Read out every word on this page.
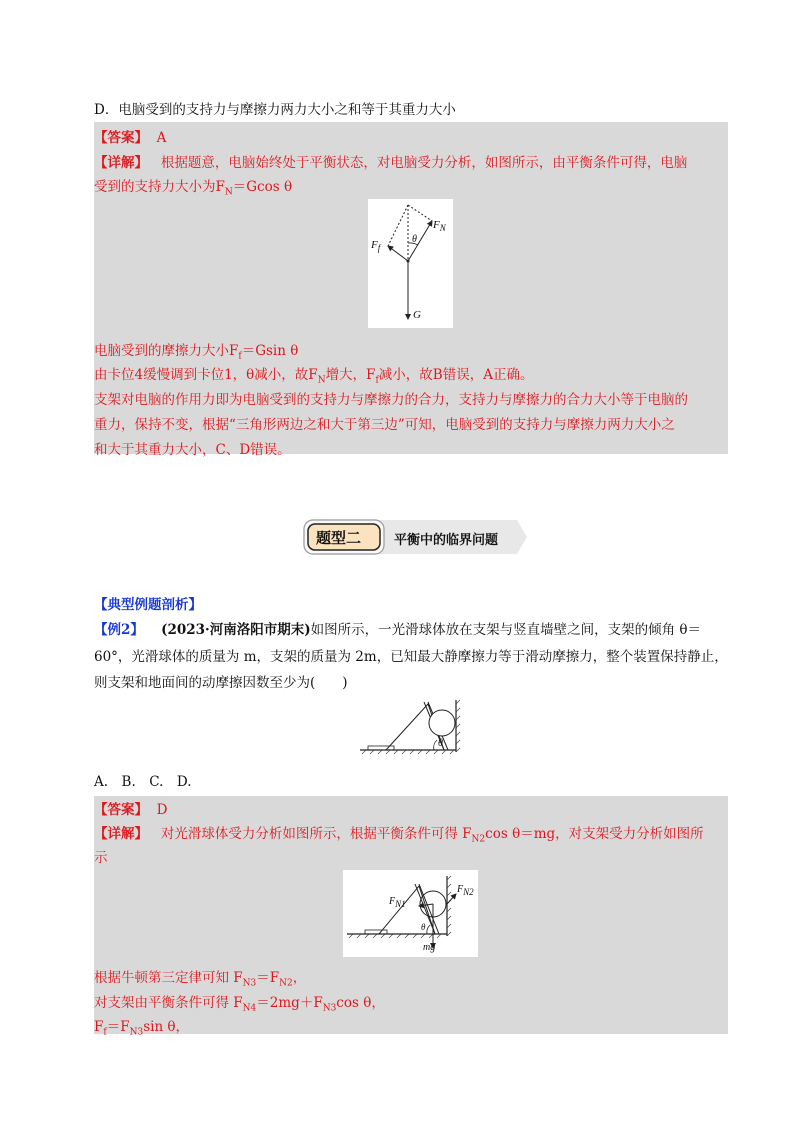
D．电脑受到的支持力与摩擦力两力大小之和等于其重力大小
【答案】 A
【详解】 根据题意，电脑始终处于平衡状态，对电脑受力分析，如图所示，由平衡条件可得，电脑
受到的支持力大小为$F_N=Gcos$ θ
$F_N$
$F_f$
G
θ
电脑受到的摩擦力大小$F_f=Gsin$ θ
由卡位4缓慢调到卡位1，θ减小，故$F_N$增大，$F_f$减小，故B错误，A正确。
支架对电脑的作用力即为电脑受到的支持力与摩擦力的合力，支持力与摩擦力的合力大小等于电脑的
重力，保持不变，根据“三角形两边之和大于第三边”可知，电脑受到的支持力与摩擦力两力大小之
和大于其重力大小，C、D错误。
题型二	平衡中的临界问题
【典型例题剖析】
【例2】 (2023·河南洛阳市期末)如图所示，一光滑球体放在支架与竖直墙壁之间，支架的倾角 θ＝
60°，光滑球体的质量为 m，支架的质量为 2m，已知最大静摩擦力等于滑动摩擦力，整个装置保持静止，
则支架和地面间的动摩擦因数至少为(　　)
θ
A.　B.　C.　D.
【答案】 D
【详解】 对光滑球体受力分析如图所示，根据平衡条件可得 $F_{N2}\cos$ θ＝mg，对支架受力分析如图所
示
$F_{N1}$
$F_{N2}$
mg
θ
根据牛顿第三定律可知 $F_{N3}=F_{N2}$，
对支架由平衡条件可得 $F_{N4}=2mg+F_{N3}\cos$ θ，
$F_f=F_{N3}\sin$ θ，
